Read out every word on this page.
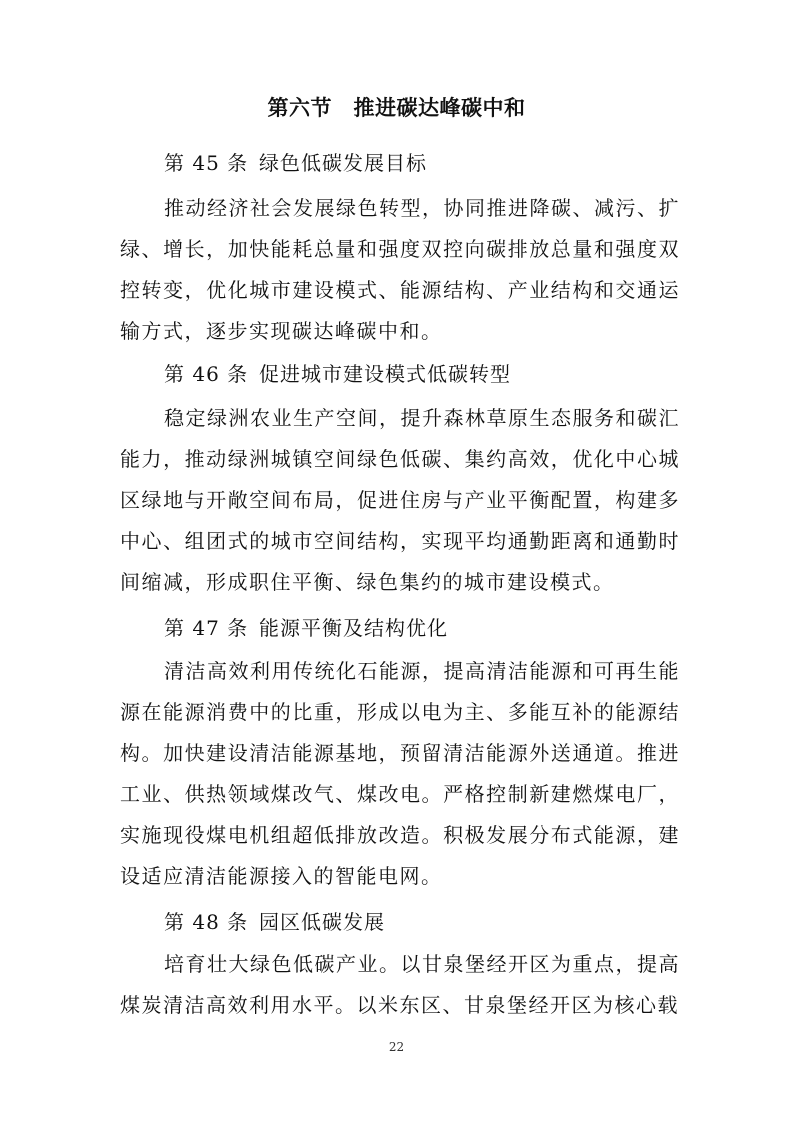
第六节　推进碳达峰碳中和
第 45 条 绿色低碳发展目标

推动经济社会发展绿色转型，协同推进降碳、减污、扩绿、增长，加快能耗总量和强度双控向碳排放总量和强度双控转变，优化城市建设模式、能源结构、产业结构和交通运输方式，逐步实现碳达峰碳中和。

第 46 条 促进城市建设模式低碳转型

稳定绿洲农业生产空间，提升森林草原生态服务和碳汇能力，推动绿洲城镇空间绿色低碳、集约高效，优化中心城区绿地与开敞空间布局，促进住房与产业平衡配置，构建多中心、组团式的城市空间结构，实现平均通勤距离和通勤时间缩减，形成职住平衡、绿色集约的城市建设模式。

第 47 条 能源平衡及结构优化

清洁高效利用传统化石能源，提高清洁能源和可再生能源在能源消费中的比重，形成以电为主、多能互补的能源结构。加快建设清洁能源基地，预留清洁能源外送通道。推进工业、供热领域煤改气、煤改电。严格控制新建燃煤电厂，实施现役煤电机组超低排放改造。积极发展分布式能源，建设适应清洁能源接入的智能电网。

第 48 条 园区低碳发展

培育壮大绿色低碳产业。以甘泉堡经开区为重点，提高煤炭清洁高效利用水平。以米东区、甘泉堡经开区为核心载

22
